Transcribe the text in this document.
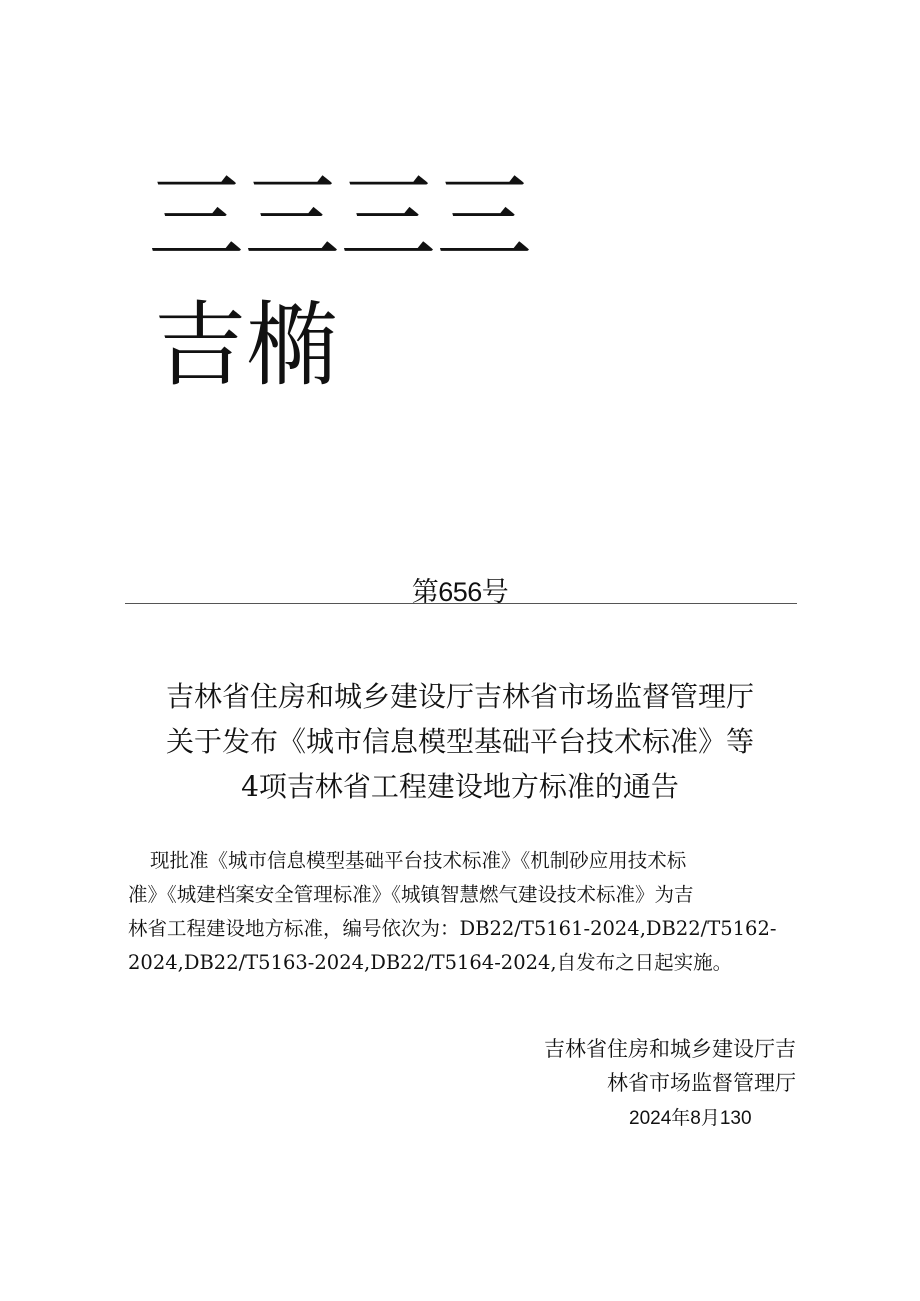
三三三三
吉椭
第656号
吉林省住房和城乡建设厅吉林省市场监督管理厅
关于发布《城市信息模型基础平台技术标准》等
4项吉林省工程建设地方标准的通告
现批准《城市信息模型基础平台技术标准》《机制砂应用技术标
准》《城建档案安全管理标准》《城镇智慧燃气建设技术标准》为吉
林省工程建设地方标准，编号依次为：DB22∕T5161-2024,DB22/T5162-
2024,DB22/T5163-2024,DB22/T5164-2024,自发布之日起实施。
吉林省住房和城乡建设厅吉
林省市场监督管理厅
2024年8月130
